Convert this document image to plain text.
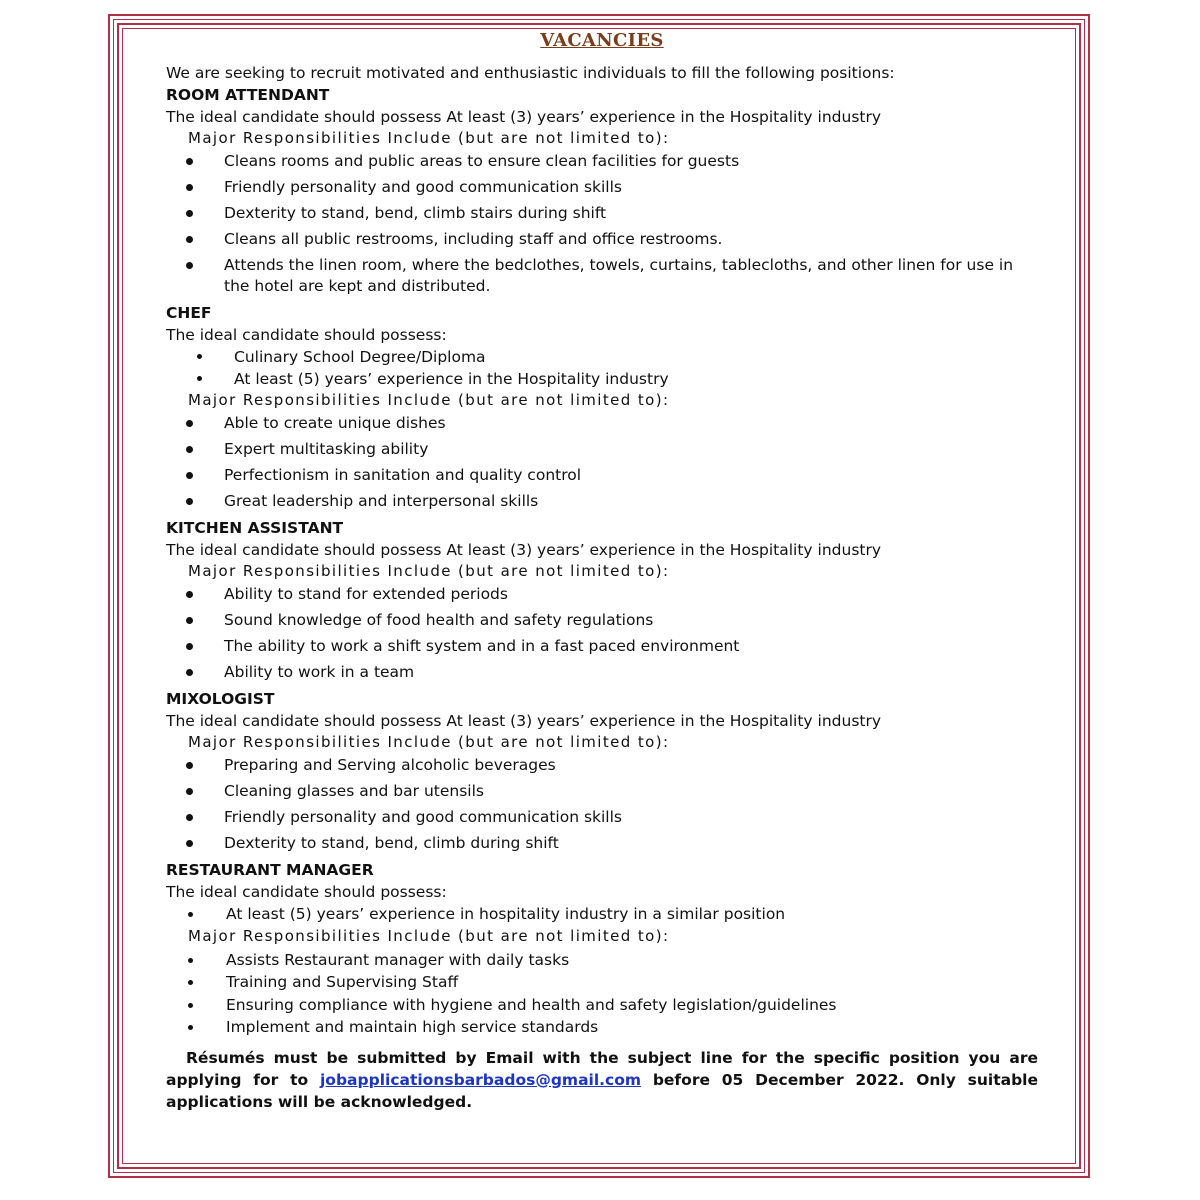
VACANCIES

We are seeking to recruit motivated and enthusiastic individuals to fill the following positions:

ROOM ATTENDANT

The ideal candidate should possess At least (3) years’ experience in the Hospitality industry

Major Responsibilities Include (but are not limited to):

Cleans rooms and public areas to ensure clean facilities for guests
Friendly personality and good communication skills
Dexterity to stand, bend, climb stairs during shift
Cleans all public restrooms, including staff and office restrooms.
Attends the linen room, where the bedclothes, towels, curtains, tablecloths, and other linen for use in the hotel are kept and distributed.

CHEF

The ideal candidate should possess:

Culinary School Degree/Diploma
At least (5) years’ experience in the Hospitality industry

Major Responsibilities Include (but are not limited to):

Able to create unique dishes
Expert multitasking ability
Perfectionism in sanitation and quality control
Great leadership and interpersonal skills

KITCHEN ASSISTANT

The ideal candidate should possess At least (3) years’ experience in the Hospitality industry

Major Responsibilities Include (but are not limited to):

Ability to stand for extended periods
Sound knowledge of food health and safety regulations
The ability to work a shift system and in a fast paced environment
Ability to work in a team

MIXOLOGIST

The ideal candidate should possess At least (3) years’ experience in the Hospitality industry

Major Responsibilities Include (but are not limited to):

Preparing and Serving alcoholic beverages
Cleaning glasses and bar utensils
Friendly personality and good communication skills
Dexterity to stand, bend, climb during shift

RESTAURANT MANAGER

The ideal candidate should possess:

At least (5) years’ experience in hospitality industry in a similar position

Major Responsibilities Include (but are not limited to):

Assists Restaurant manager with daily tasks
Training and Supervising Staff
Ensuring compliance with hygiene and health and safety legislation/guidelines
Implement and maintain high service standards

Résumés must be submitted by Email with the subject line for the specific position you are applying for to jobapplicationsbarbados@gmail.com before 05 December 2022. Only suitable applications will be acknowledged.
